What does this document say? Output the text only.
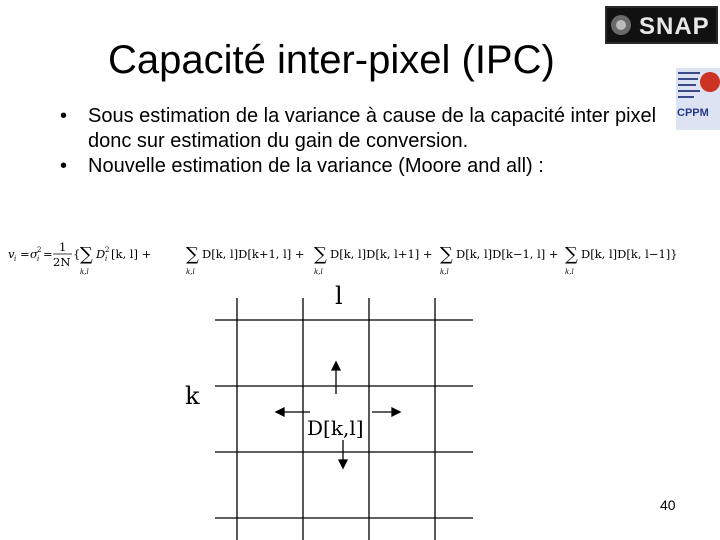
SNAP
CPPM
Capacité inter-pixel (IPC)
• Sous estimation de la variance à cause de la capacité inter pixel donc sur estimation du gain de conversion.
• Nouvelle estimation de la variance (Moore and all) :
v i = σ 2
i = 1
2N
{ ∑
k,l
D 2
i [k, l] + ∑
k,l
D[k, l]D[k+1, l] + ∑
k,l
D[k, l]D[k, l+1] + ∑
k,l
D[k, l]D[k−1, l] + ∑
k,l
D[k, l]D[k, l−1]}
l
k
D[k,l]
40
